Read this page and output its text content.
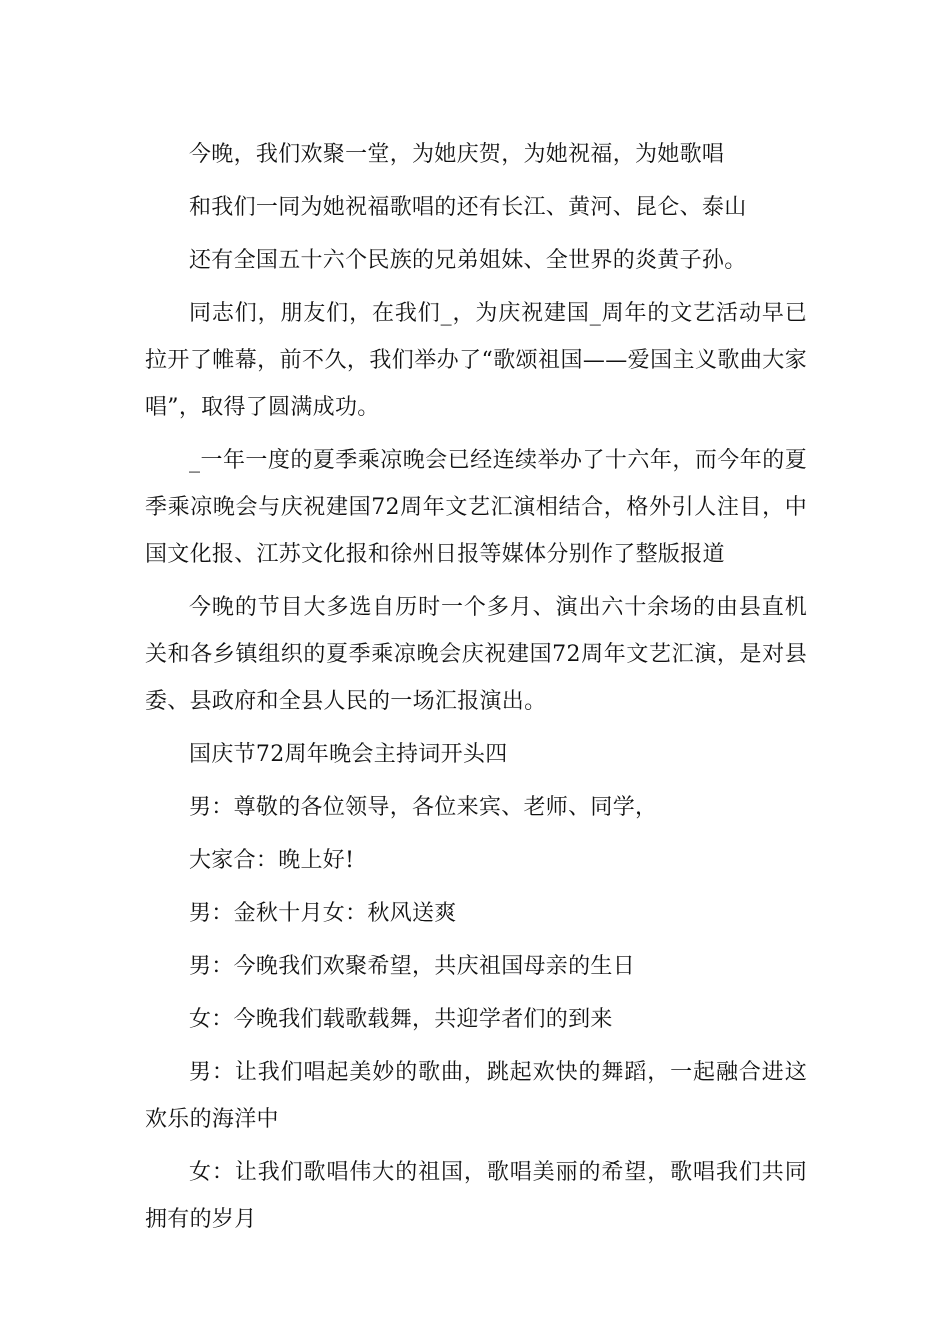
今晚，我们欢聚一堂，为她庆贺，为她祝福，为她歌唱

和我们一同为她祝福歌唱的还有长江、黄河、昆仑、泰山

还有全国五十六个民族的兄弟姐妹、全世界的炎黄子孙。

同志们，朋友们，在我们_，为庆祝建国_周年的文艺活动早已拉开了帷幕，前不久，我们举办了“歌颂祖国——爱国主义歌曲大家唱”，取得了圆满成功。

_一年一度的夏季乘凉晚会已经连续举办了十六年，而今年的夏季乘凉晚会与庆祝建国72周年文艺汇演相结合，格外引人注目，中国文化报、江苏文化报和徐州日报等媒体分别作了整版报道

今晚的节目大多选自历时一个多月、演出六十余场的由县直机关和各乡镇组织的夏季乘凉晚会庆祝建国72周年文艺汇演，是对县委、县政府和全县人民的一场汇报演出。

国庆节72周年晚会主持词开头四

男：尊敬的各位领导，各位来宾、老师、同学，

大家合：晚上好!

男：金秋十月女：秋风送爽

男：今晚我们欢聚希望，共庆祖国母亲的生日

女：今晚我们载歌载舞，共迎学者们的到来

男：让我们唱起美妙的歌曲，跳起欢快的舞蹈，一起融合进这欢乐的海洋中

女：让我们歌唱伟大的祖国，歌唱美丽的希望，歌唱我们共同拥有的岁月
